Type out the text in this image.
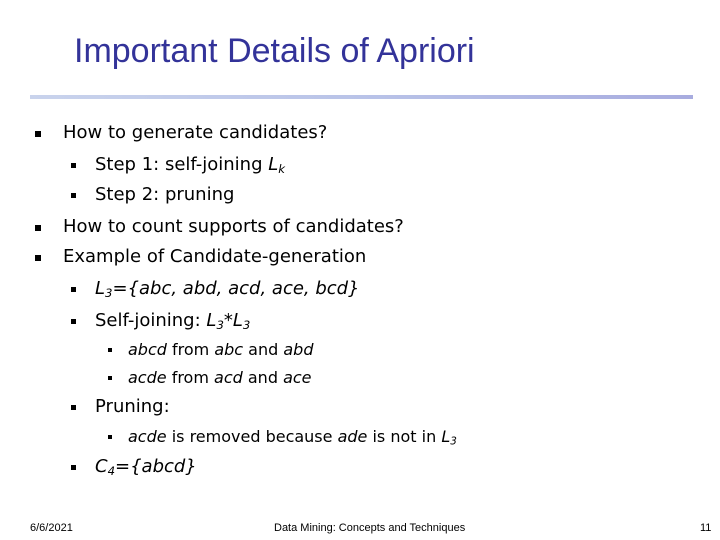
Important Details of Apriori
How to generate candidates?
Step 1: self-joining $L_k$
Step 2: pruning
How to count supports of candidates?
Example of Candidate-generation
$L_3=\{abc$, abd, acd, ace, bcd}
Self-joining: $L_3*L_3$
abcd from abc and abd
acde from acd and ace
Pruning:
acde is removed because ade is not in $L_3$
$C_4=\{abcd\}$
6/6/2021	Data Mining: Concepts and Techniques	11
